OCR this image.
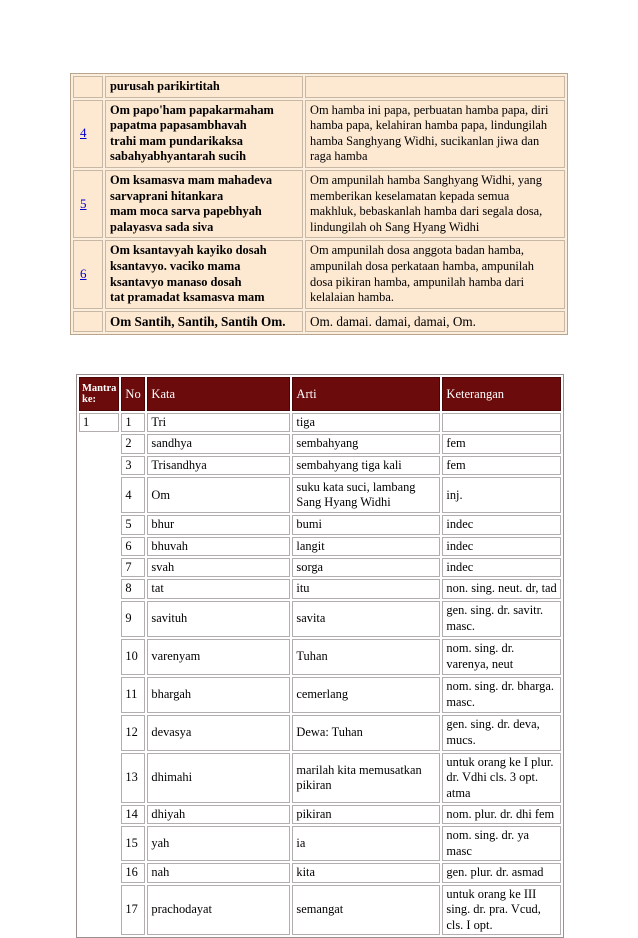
	purusah parikirtitah	

4	Om papo'ham papakarmaham
papatma papasambhavah
trahi mam pundarikaksa
sabahyabhyantarah sucih	Om hamba ini papa, perbuatan hamba papa, diri
hamba papa, kelahiran hamba papa, lindungilah
hamba Sanghyang Widhi, sucikanlan jiwa dan
raga hamba

5	Om ksamasva mam mahadeva
sarvaprani hitankara
mam moca sarva papebhyah
palayasva sada siva	Om ampunilah hamba Sanghyang Widhi, yang
memberikan keselamatan kepada semua
makhluk, bebaskanlah hamba dari segala dosa,
lindungilah oh Sang Hyang Widhi

6	Om ksantavyah kayiko dosah
ksantavyo. vaciko mama
ksantavyo manaso dosah
tat pramadat ksamasva mam	Om ampunilah dosa anggota badan hamba,
ampunilah dosa perkataan hamba, ampunilah
dosa pikiran hamba, ampunilah hamba dari
kelalaian hamba.

	Om Santih, Santih, Santih Om.	Om. damai. damai, damai, Om.
Mantra ke:	No	Kata	Arti	Keterangan
1	1	Tri	tiga	
	2	sandhya	sembahyang	fem
	3	Trisandhya	sembahyang tiga kali	fem
	4	Om	suku kata suci, lambang Sang Hyang Widhi	inj.
	5	bhur	bumi	indec
	6	bhuvah	langit	indec
	7	svah	sorga	indec
	8	tat	itu	non. sing. neut. dr, tad
	9	savituh	savita	gen. sing. dr. savitr. masc.
	10	varenyam	Tuhan	nom. sing. dr. varenya, neut
	11	bhargah	cemerlang	nom. sing. dr. bharga. masc.
	12	devasya	Dewa: Tuhan	gen. sing. dr. deva, mucs.
	13	dhimahi	marilah kita memusatkan pikiran	untuk orang ke I plur. dr. Vdhi cls. 3 opt. atma
	14	dhiyah	pikiran	nom. plur. dr. dhi fem
	15	yah	ia	nom. sing. dr. ya masc
	16	nah	kita	gen. plur. dr. asmad
	17	prachodayat	semangat	untuk orang ke III sing. dr. pra. Vcud, cls. I opt.
